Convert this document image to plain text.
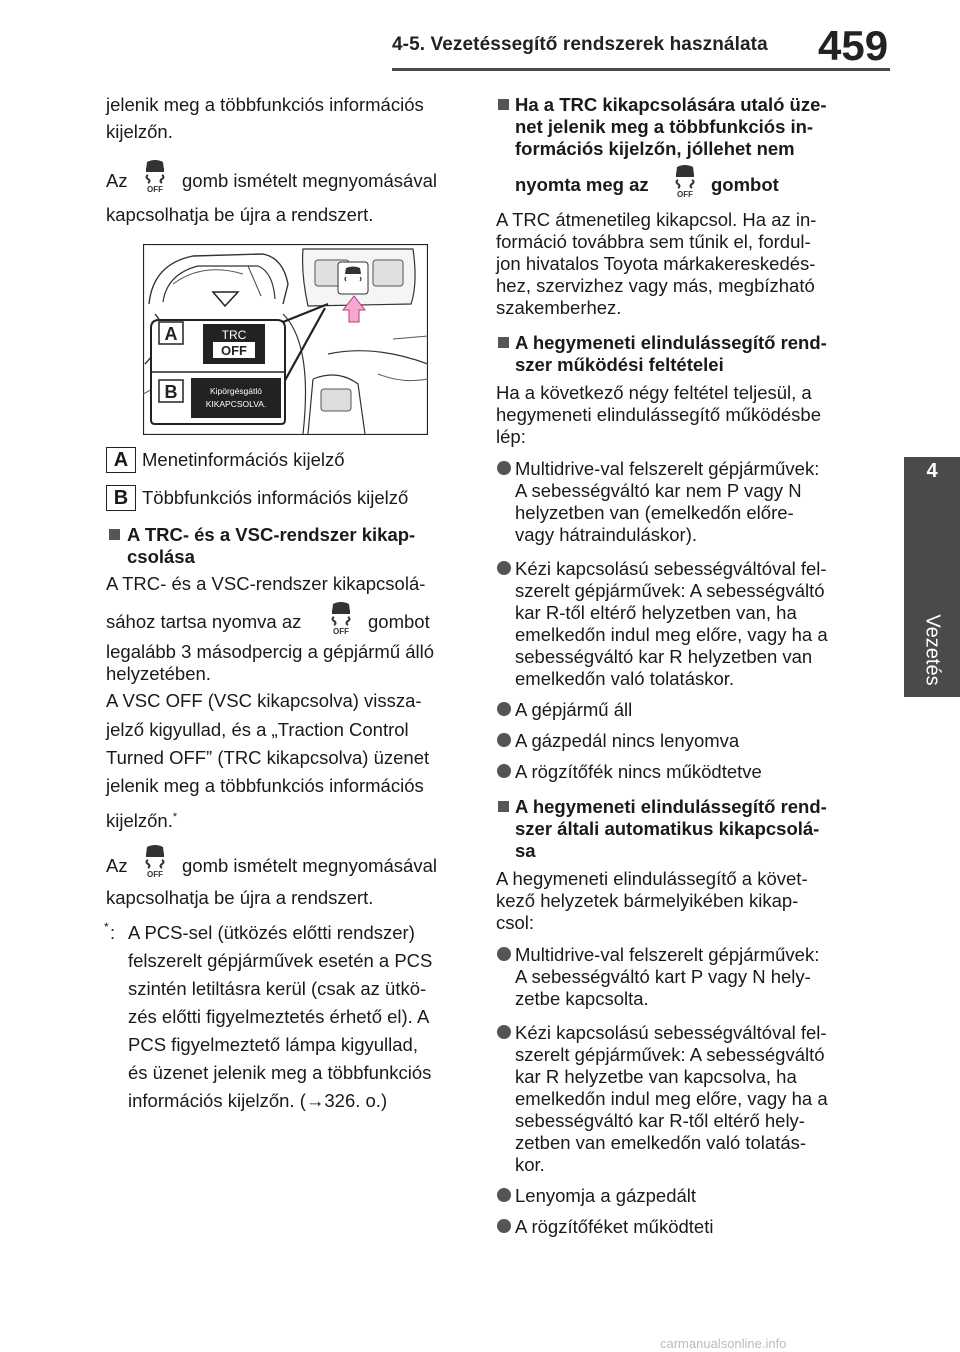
4-5. Vezetéssegítő rendszerek használata 459
4
Vezetés
jelenik meg a többfunkciós információs
kijelzőn.
Az OFF gomb ismételt megnyomásával
kapcsolhatja be újra a rendszert.
A
B
TRC
OFF
Kipörgésgátló
KIKAPCSOLVA.
A Menetinformációs kijelző
B Többfunkciós információs kijelző
A TRC- és a VSC-rendszer kikap-
csolása
A TRC- és a VSC-rendszer kikapcsolá-
sához tartsa nyomva az	OFF gombot
legalább 3 másodpercig a gépjármű álló
helyzetében.
A VSC OFF (VSC kikapcsolva) vissza-
jelző kigyullad, és a „Traction Control
Turned OFF” (TRC kikapcsolva) üzenet
jelenik meg a többfunkciós információs
kijelzőn.*
Az OFF gomb ismételt megnyomásával
kapcsolhatja be újra a rendszert.
* : A PCS-sel (ütközés előtti rendszer)
felszerelt gépjárművek esetén a PCS
szintén letiltásra kerül (csak az ütkö-
zés előtti figyelmeztetés érhető el). A
PCS figyelmeztető lámpa kigyullad,
és üzenet jelenik meg a többfunkciós
információs kijelzőn. (→326. o.)
Ha a TRC kikapcsolására utaló üze-
net jelenik meg a többfunkciós in-
formációs kijelzőn, jóllehet nem
nyomta meg az	OFF gombot
A TRC átmenetileg kikapcsol. Ha az in-
formáció továbbra sem tűnik el, fordul-
jon hivatalos Toyota márkakereskedés-
hez, szervizhez vagy más, megbízható
szakemberhez.
A hegymeneti elindulássegítő rend-
szer működési feltételei
Ha a következő négy feltétel teljesül, a
hegymeneti elindulássegítő működésbe
lép:
Multidrive-val felszerelt gépjárművek:
A sebességváltó kar nem P vagy N
helyzetben van (emelkedőn előre-
vagy hátrainduláskor).
Kézi kapcsolású sebességváltóval fel-
szerelt gépjárművek: A sebességváltó
kar R-től eltérő helyzetben van, ha
emelkedőn indul meg előre, vagy ha a
sebességváltó kar R helyzetben van
emelkedőn való tolatáskor.
A gépjármű áll
A gázpedál nincs lenyomva
A rögzítőfék nincs működtetve
A hegymeneti elindulássegítő rend-
szer általi automatikus kikapcsolá-
sa
A hegymeneti elindulássegítő a követ-
kező helyzetek bármelyikében kikap-
csol:
Multidrive-val felszerelt gépjárművek:
A sebességváltó kart P vagy N hely-
zetbe kapcsolta.
Kézi kapcsolású sebességváltóval fel-
szerelt gépjárművek: A sebességváltó
kar R helyzetbe van kapcsolva, ha
emelkedőn indul meg előre, vagy ha a
sebességváltó kar R-től eltérő hely-
zetben van emelkedőn való tolatás-
kor.
Lenyomja a gázpedált
A rögzítőféket működteti
carmanualsonline.info
